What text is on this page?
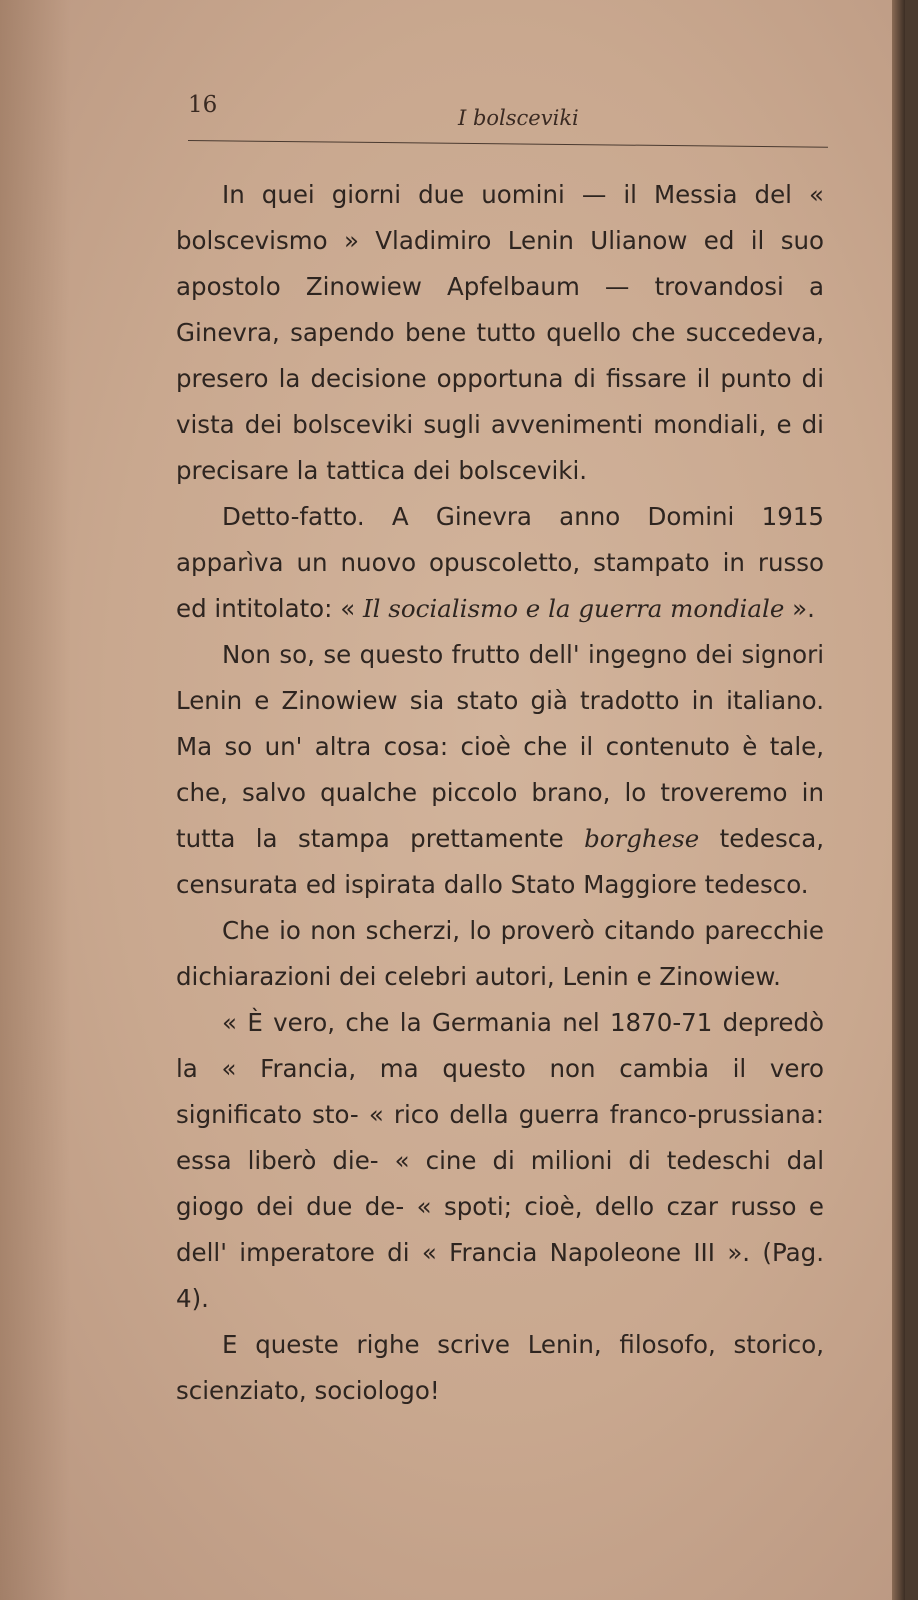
16	I bolsceviki

In quei giorni due uomini — il Messia del « bolscevismo » Vladimiro Lenin Ulianow ed il suo apostolo Zinowiew Apfelbaum — trovandosi a Ginevra, sapendo bene tutto quello che succedeva, presero la decisione opportuna di fissare il punto di vista dei bolsceviki sugli avvenimenti mondiali, e di precisare la tattica dei bolsceviki.

Detto-fatto. A Ginevra anno Domini 1915 apparìva un nuovo opuscoletto, stampato in russo ed intitolato: « Il socialismo e la guerra mondiale ».

Non so, se questo frutto dell' ingegno dei signori Lenin e Zinowiew sia stato già tradotto in italiano. Ma so un' altra cosa: cioè che il contenuto è tale, che, salvo qualche piccolo brano, lo troveremo in tutta la stampa prettamente borghese tedesca, censurata ed ispirata dallo Stato Maggiore tedesco.

Che io non scherzi, lo proverò citando parecchie dichiarazioni dei celebri autori, Lenin e Zinowiew.

« È vero, che la Germania nel 1870-71 depredò la « Francia, ma questo non cambia il vero significato sto- « rico della guerra franco-prussiana: essa liberò die- « cine di milioni di tedeschi dal giogo dei due de- « spoti; cioè, dello czar russo e dell' imperatore di « Francia Napoleone III ». (Pag. 4).

E queste righe scrive Lenin, filosofo, storico, scienziato, sociologo!
